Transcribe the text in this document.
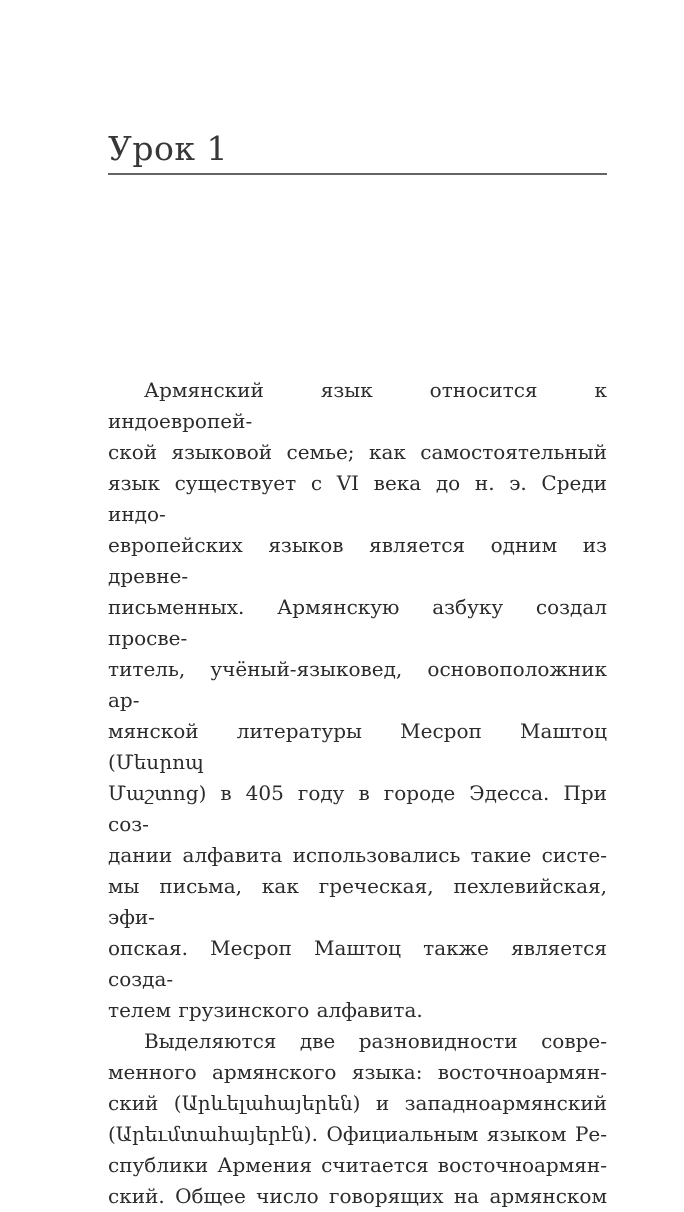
Урок 1
Армянский язык относится к индоевропей-
ской языковой семье; как самостоятельный
язык существует с VI века до н. э. Среди индо-
европейских языков является одним из древне-
письменных. Армянскую азбуку создал просве-
титель, учёный-языковед, основоположник ар-
мянской литературы Месроп Маштоц (Մեսրոպ
Մաշտոց) в 405 году в городе Эдесса. При соз-
дании алфавита использовались такие систе-
мы письма, как греческая, пехлевийская, эфи-
опская. Месроп Маштоц также является созда-
телем грузинского алфавита.
Выделяются две разновидности совре-
менного армянского языка: восточноармян-
ский (Արևելահայերեն) и западноармянский
(Արեւմտահայերէն). Официальным языком Ре-
спублики Армения считается восточноармян-
ский. Общее число говорящих на армянском
